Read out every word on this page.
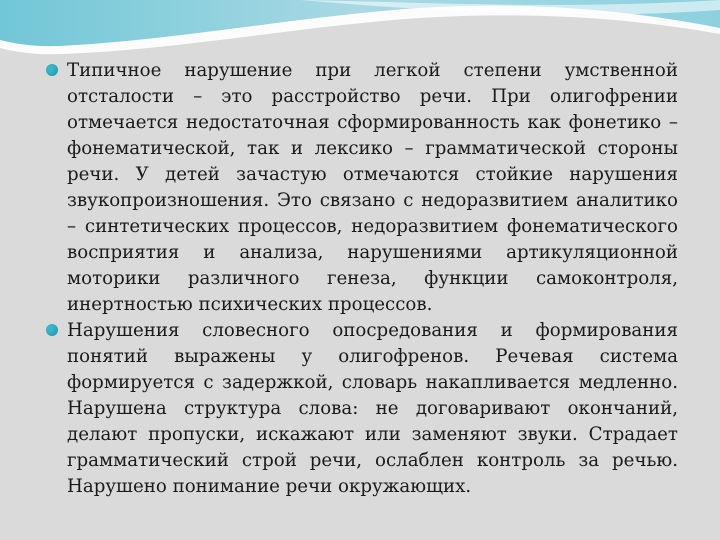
Типичное нарушение при легкой степени умственной отсталости – это расстройство речи. При олигофрении отмечается недостаточная сформированность как фонетико – фонематической, так и лексико – грамматической стороны речи. У детей зачастую отмечаются стойкие нарушения звукопроизношения. Это связано с недоразвитием аналитико – синтетических процессов, недоразвитием фонематического восприятия и анализа, нарушениями артикуляционной моторики различного генеза, функции самоконтроля, инертностью психических процессов.

Нарушения словесного опосредования и формирования понятий выражены у олигофренов. Речевая система формируется с задержкой, словарь накапливается медленно. Нарушена структура слова: не договаривают окончаний, делают пропуски, искажают или заменяют звуки. Страдает грамматический строй речи, ослаблен контроль за речью. Нарушено понимание речи окружающих.
